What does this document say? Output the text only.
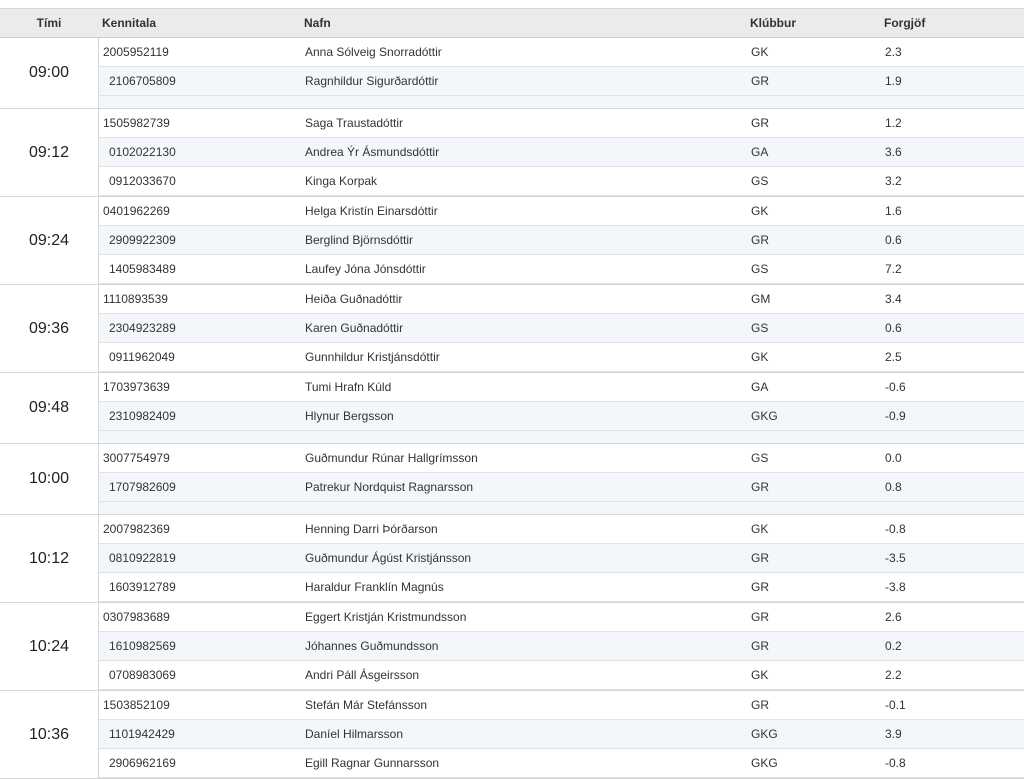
Tími	Kennitala	Nafn	Klúbbur	Forgjöf
09:00
2005952119	Anna Sólveig Snorradóttir	GK	2.3
2106705809	Ragnhildur Sigurðardóttir	GR	1.9
09:12
1505982739	Saga Traustadóttir	GR	1.2
0102022130	Andrea Ýr Ásmundsdóttir	GA	3.6
0912033670	Kinga Korpak	GS	3.2
09:24
0401962269	Helga Kristín Einarsdóttir	GK	1.6
2909922309	Berglind Björnsdóttir	GR	0.6
1405983489	Laufey Jóna Jónsdóttir	GS	7.2
09:36
1110893539	Heiða Guðnadóttir	GM	3.4
2304923289	Karen Guðnadóttir	GS	0.6
0911962049	Gunnhildur Kristjánsdóttir	GK	2.5
09:48
1703973639	Tumi Hrafn Kúld	GA	-0.6
2310982409	Hlynur Bergsson	GKG	-0.9
10:00
3007754979	Guðmundur Rúnar Hallgrímsson	GS	0.0
1707982609	Patrekur Nordquist Ragnarsson	GR	0.8
10:12
2007982369	Henning Darri Þórðarson	GK	-0.8
0810922819	Guðmundur Ágúst Kristjánsson	GR	-3.5
1603912789	Haraldur Franklín Magnús	GR	-3.8
10:24
0307983689	Eggert Kristján Kristmundsson	GR	2.6
1610982569	Jóhannes Guðmundsson	GR	0.2
0708983069	Andri Páll Ásgeirsson	GK	2.2
10:36
1503852109	Stefán Már Stefánsson	GR	-0.1
1101942429	Daníel Hilmarsson	GKG	3.9
2906962169	Egill Ragnar Gunnarsson	GKG	-0.8
